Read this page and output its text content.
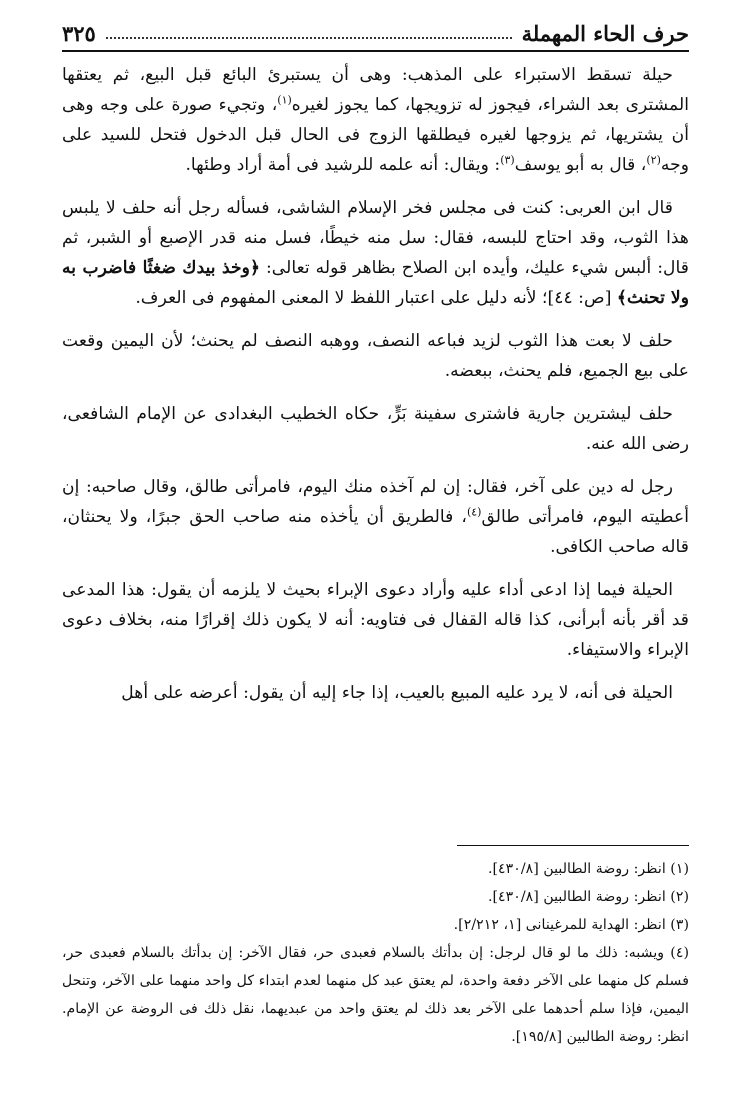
حرف الحاء المهملة
٣٢٥

حيلة تسقط الاستبراء على المذهب: وهى أن يستبرئ البائع قبل البيع، ثم يعتقها المشترى بعد الشراء، فيجوز له تزويجها، كما يجوز لغيره$^{(١)}$، وتجيء صورة على وجه وهى أن يشتريها، ثم يزوجها لغيره فيطلقها الزوج فى الحال قبل الدخول فتحل للسيد على وجه$^{(٢)}$، قال به أبو يوسف$^{(٣)}$: ويقال: أنه علمه للرشيد فى أمة أراد وطئها.

قال ابن العربى: كنت فى مجلس فخر الإسلام الشاشى، فسأله رجل أنه حلف لا يلبس هذا الثوب، وقد احتاج للبسه، فقال: سل منه خيطًا، فسل منه قدر الإصبع أو الشبر، ثم قال: ألبس شيء عليك، وأيده ابن الصلاح بظاهر قوله تعالى: ﴿وخذ بيدك ضغثًا فاضرب به ولا تحنث﴾ [ص: ٤٤]؛ لأنه دليل على اعتبار اللفظ لا المعنى المفهوم فى العرف.

حلف لا بعت هذا الثوب لزيد فباعه النصف، ووهبه النصف لم يحنث؛ لأن اليمين وقعت على بيع الجميع، فلم يحنث، ببعضه.

حلف ليشترين جارية فاشترى سفينة بَرٍّ، حكاه الخطيب البغدادى عن الإمام الشافعى، رضى الله عنه.

رجل له دين على آخر، فقال: إن لم آخذه منك اليوم، فامرأتى طالق، وقال صاحبه: إن أعطيته اليوم، فامرأتى طالق$^{(٤)}$، فالطريق أن يأخذه منه صاحب الحق جبرًا، ولا يحنثان، قاله صاحب الكافى.

الحيلة فيما إذا ادعى أداء عليه وأراد دعوى الإبراء بحيث لا يلزمه أن يقول: هذا المدعى قد أقر بأنه أبرأنى، كذا قاله القفال فى فتاويه: أنه لا يكون ذلك إقرارًا منه، بخلاف دعوى الإبراء والاستيفاء.

الحيلة فى أنه، لا يرد عليه المبيع بالعيب، إذا جاء إليه أن يقول: أعرضه على أهل

(١) انظر: روضة الطالبين [٤٣٠/٨].
(٢) انظر: روضة الطالبين [٤٣٠/٨].
(٣) انظر: الهداية للمرغينانى [١، ٢/٢١٢].
(٤) ويشبه: ذلك ما لو قال لرجل: إن بدأتك بالسلام فعبدى حر، فقال الآخر: إن بدأتك بالسلام فعبدى حر، فسلم كل منهما على الآخر دفعة واحدة، لم يعتق عبد كل منهما لعدم ابتداء كل واحد منهما على الآخر، وتنحل اليمين، فإذا سلم أحدهما على الآخر بعد ذلك لم يعتق واحد من عبديهما، نقل ذلك فى الروضة عن الإمام. انظر: روضة الطالبين [١٩٥/٨].
